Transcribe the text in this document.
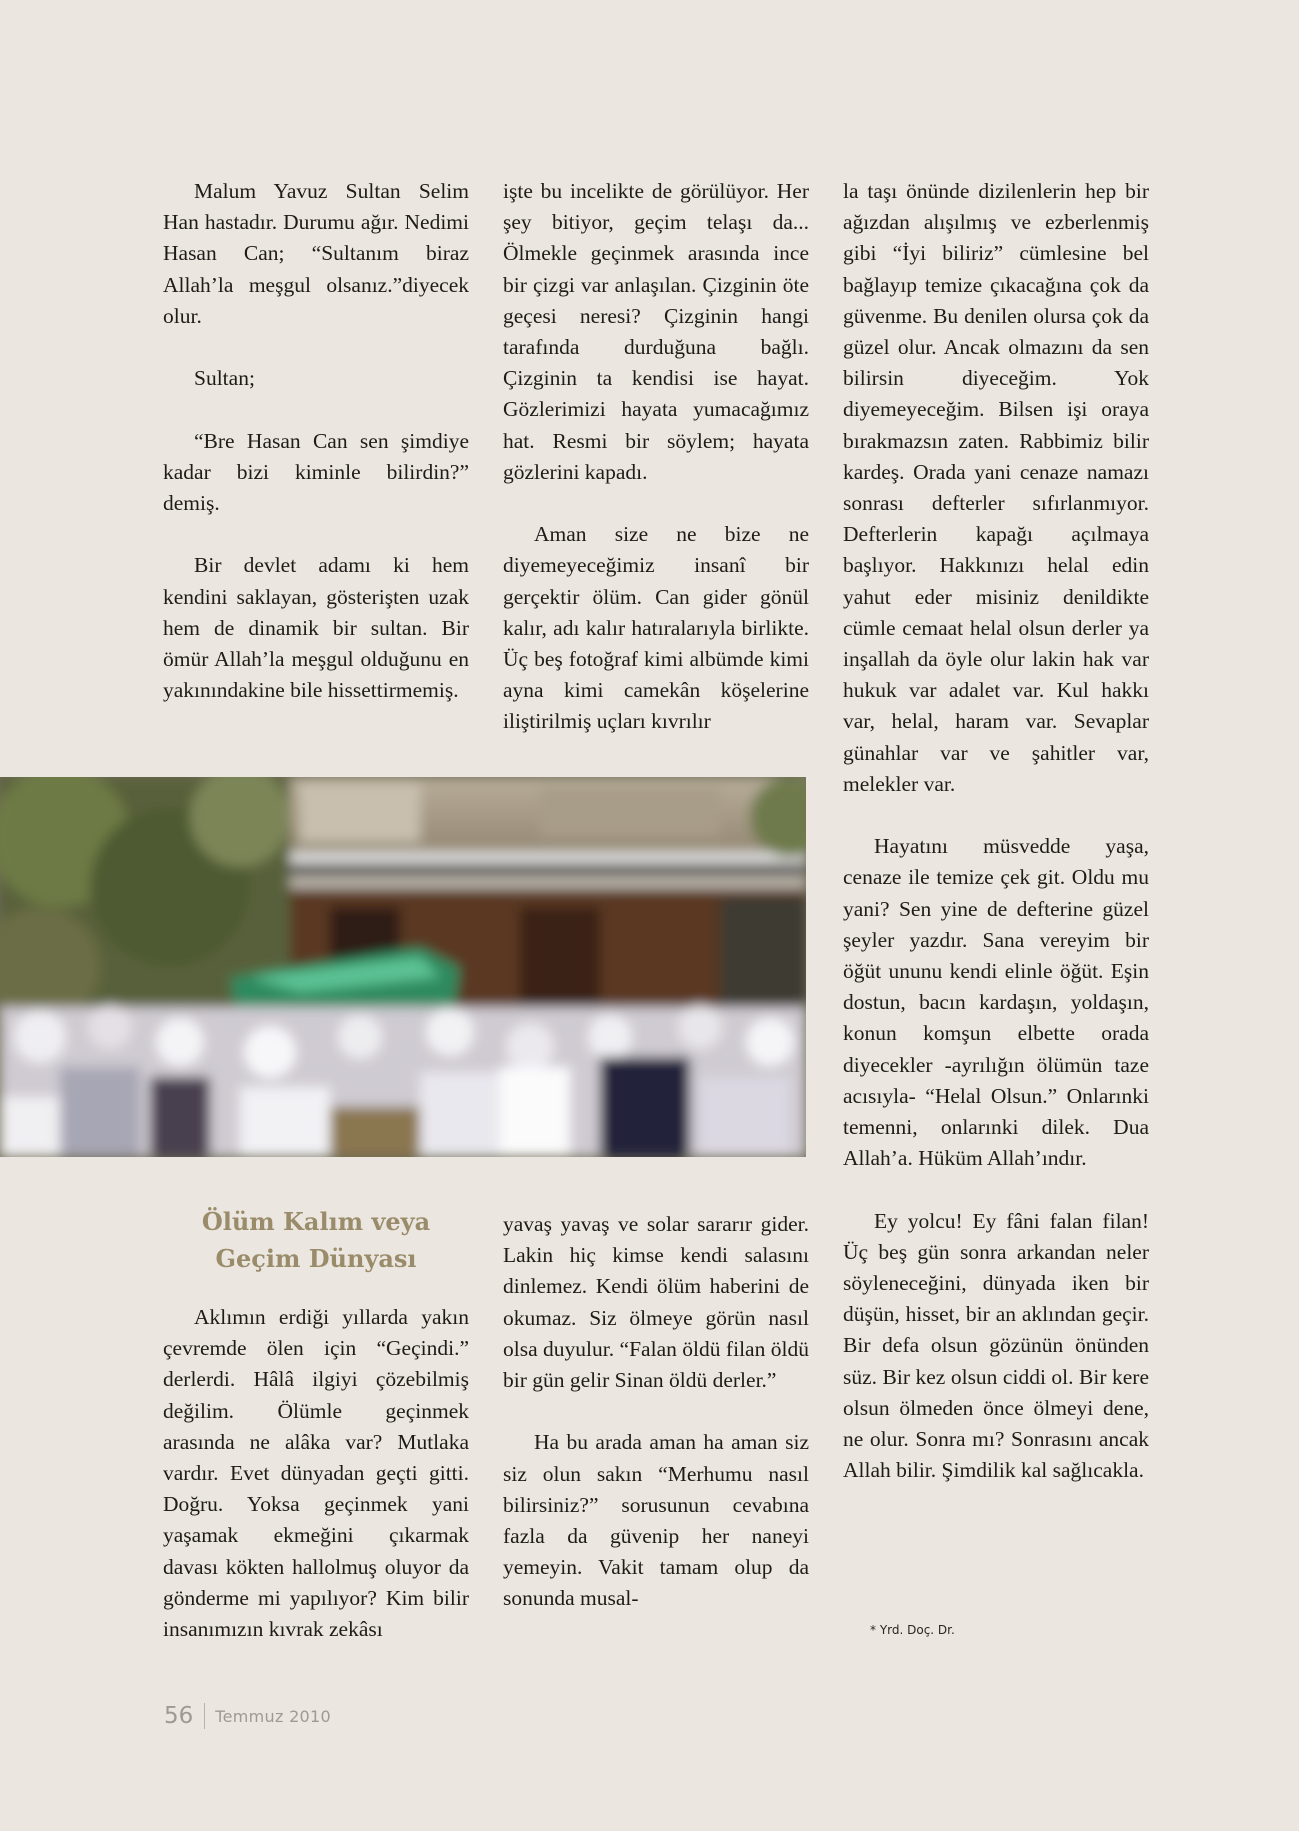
Malum Yavuz Sultan Selim Han hastadır. Durumu ağır. Nedimi Hasan Can; “Sultanım biraz Allah’la meşgul olsanız.”diyecek olur.

Sultan;

“Bre Hasan Can sen şimdiye kadar bizi kiminle bilirdin?” demiş.

Bir devlet adamı ki hem kendini saklayan, gösterişten uzak hem de dinamik bir sultan. Bir ömür Allah’la meşgul olduğunu en yakınındakine bile hissettirmemiş.

işte bu incelikte de görülüyor. Her şey bitiyor, geçim telaşı da... Ölmekle geçinmek arasında ince bir çizgi var anlaşılan. Çizginin öte geçesi neresi? Çizginin hangi tarafında durduğuna bağlı. Çizginin ta kendisi ise hayat. Gözlerimizi hayata yumacağımız hat. Resmi bir söylem; hayata gözlerini kapadı.

Aman size ne bize ne diyemeyeceğimiz insanî bir gerçektir ölüm. Can gider gönül kalır, adı kalır hatıralarıyla birlikte. Üç beş fotoğraf kimi albümde kimi ayna kimi camekân köşelerine iliştirilmiş uçları kıvrılır

la taşı önünde dizilenlerin hep bir ağızdan alışılmış ve ezberlenmiş gibi “İyi biliriz” cümlesine bel bağlayıp temize çıkacağına çok da güvenme. Bu denilen olursa çok da güzel olur. Ancak olmazını da sen bilirsin diyeceğim. Yok diyemeyeceğim. Bilsen işi oraya bırakmazsın zaten. Rabbimiz bilir kardeş. Orada yani cenaze namazı sonrası defterler sıfırlanmıyor. Defterlerin kapağı açılmaya başlıyor. Hakkınızı helal edin yahut eder misiniz denildikte cümle cemaat helal olsun derler ya inşallah da öyle olur lakin hak var hukuk var adalet var. Kul hakkı var, helal, haram var. Sevaplar günahlar var ve şahitler var, melekler var.

Hayatını müsvedde yaşa, cenaze ile temize çek git. Oldu mu yani? Sen yine de defterine güzel şeyler yazdır. Sana vereyim bir öğüt ununu kendi elinle öğüt. Eşin dostun, bacın kardaşın, yoldaşın, konun komşun elbette orada diyecekler -ayrılığın ölümün taze acısıyla- “Helal Olsun.” Onlarınki temenni, onlarınki dilek. Dua Allah’a. Hüküm Allah’ındır.

Ey yolcu! Ey fâni falan filan! Üç beş gün sonra arkandan neler söyleneceğini, dünyada iken bir düşün, hisset, bir an aklından geçir. Bir defa olsun gözünün önünden süz. Bir kez olsun ciddi ol. Bir kere olsun ölmeden önce ölmeyi dene, ne olur. Sonra mı? Sonrasını ancak Allah bilir. Şimdilik kal sağlıcakla.

Ölüm Kalım veya
Geçim Dünyası

Aklımın erdiği yıllarda yakın çevremde ölen için “Geçindi.” derlerdi. Hâlâ ilgiyi çözebilmiş değilim. Ölümle geçinmek arasında ne alâka var? Mutlaka vardır. Evet dünyadan geçti gitti. Doğru. Yoksa geçinmek yani yaşamak ekmeğini çıkarmak davası kökten hallolmuş oluyor da gönderme mi yapılıyor? Kim bilir insanımızın kıvrak zekâsı

yavaş yavaş ve solar sararır gider. Lakin hiç kimse kendi salasını dinlemez. Kendi ölüm haberini de okumaz. Siz ölmeye görün nasıl olsa duyulur. “Falan öldü filan öldü bir gün gelir Sinan öldü derler.”

Ha bu arada aman ha aman siz siz olun sakın “Merhumu nasıl bilirsiniz?” sorusunun cevabına fazla da güvenip her naneyi yemeyin. Vakit tamam olup da sonunda musal-

* Yrd. Doç. Dr.
56 Temmuz 2010
